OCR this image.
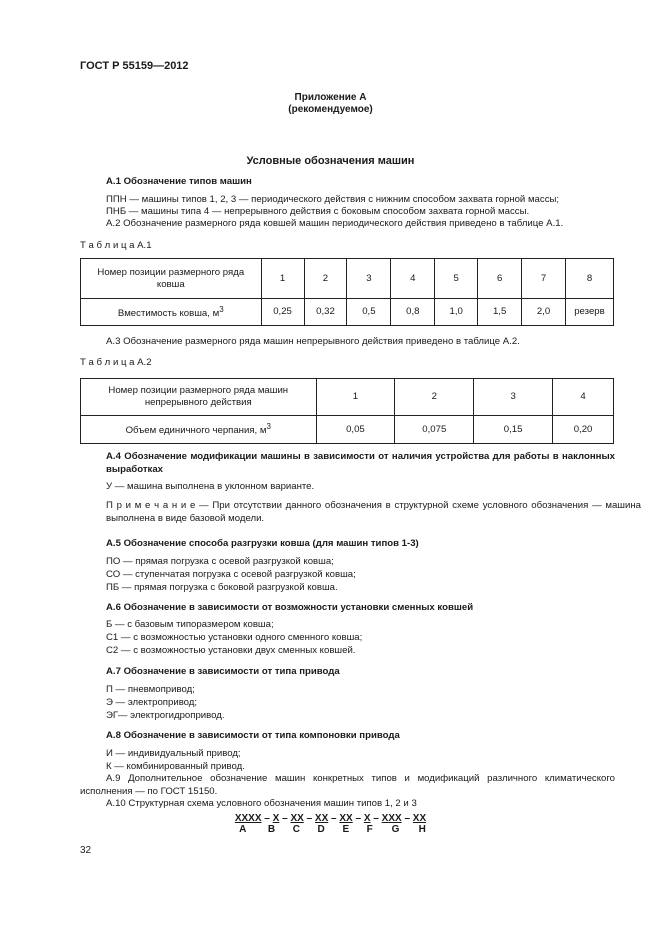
ГОСТ Р 55159—2012
Приложение А
(рекомендуемое)
Условные обозначения машин
А.1 Обозначение типов машин
ППН — машины типов 1, 2, 3 — периодического действия с нижним способом захвата горной массы;
ПНБ — машины типа 4 — непрерывного действия с боковым способом захвата горной массы.
А.2 Обозначение размерного ряда ковшей машин периодического действия приведено в таблице А.1.
Т а б л и ц а А.1
Номер позиции размерного ряда ковша	1	2	3	4	5	6	7	8
Вместимость ковша, $м^3$	0,25	0,32	0,5	0,8	1,0	1,5	2,0	резерв
А.3 Обозначение размерного ряда машин непрерывного действия приведено в таблице А.2.
Т а б л и ц а А.2
Номер позиции размерного ряда машин непрерывного действия	1	2	3	4
Объем единичного черпания, $м^3$	0,05	0,075	0,15	0,20
А.4 Обозначение модификации машины в зависимости от наличия устройства для работы в наклонных выработках
У — машина выполнена в уклонном варианте.
П р и м е ч а н и е — При отсутствии данного обозначения в структурной схеме условного обозначения — машина выполнена в виде базовой модели.
А.5 Обозначение способа разгрузки ковша (для машин типов 1-3)
ПО — прямая погрузка с осевой разгрузкой ковша;
СО — ступенчатая погрузка с осевой разгрузкой ковша;
ПБ — прямая погрузка с боковой разгрузкой ковша.
А.6 Обозначение в зависимости от возможности установки сменных ковшей
Б — с базовым типоразмером ковша;
С1 — с возможностью установки одного сменного ковша;
С2 — с возможностью установки двух сменных ковшей.
А.7 Обозначение в зависимости от типа привода
П — пневмопривод;
Э — электропривод;
ЭГ— электрогидропривод.
А.8 Обозначение в зависимости от типа компоновки привода
И — индивидуальный привод;
К — комбинированный привод.
А.9 Дополнительное обозначение машин конкретных типов и модификаций различного климатического исполнения — по ГОСТ 15150.
А.10 Структурная схема условного обозначения машин типов 1, 2 и 3
ХХХХ – Х – ХХ – ХХ – ХХ – Х – ХХХ – ХХ
A B C D E F G H
32
